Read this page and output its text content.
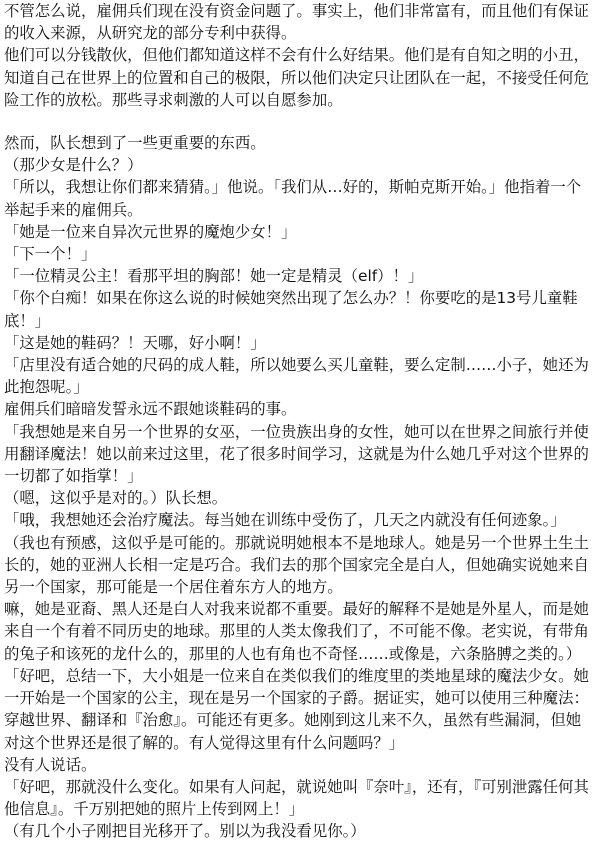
不管怎么说，雇佣兵们现在没有资金问题了。事实上，他们非常富有，而且他们有保证的收入来源，从研究龙的部分专利中获得。

他们可以分钱散伙，但他们都知道这样不会有什么好结果。他们是有自知之明的小丑，知道自己在世界上的位置和自己的极限，所以他们决定只让团队在一起，不接受任何危险工作的放松。那些寻求刺激的人可以自愿参加。

然而，队长想到了一些更重要的东西。

（那少女是什么？）

「所以，我想让你们都来猜猜。」他说。「我们从…好的，斯帕克斯开始。」他指着一个举起手来的雇佣兵。

「她是一位来自异次元世界的魔炮少女！」

「下一个！」

「一位精灵公主！看那平坦的胸部！她一定是精灵（elf）！」

「你个白痴！如果在你这么说的时候她突然出现了怎么办？！你要吃的是13号儿童鞋底！」

「这是她的鞋码？！天哪，好小啊！」

「店里没有适合她的尺码的成人鞋，所以她要么买儿童鞋，要么定制……小子，她还为此抱怨呢。」

雇佣兵们暗暗发誓永远不跟她谈鞋码的事。

「我想她是来自另一个世界的女巫，一位贵族出身的女性，她可以在世界之间旅行并使用翻译魔法！她以前来过这里，花了很多时间学习，这就是为什么她几乎对这个世界的一切都了如指掌！」

（嗯，这似乎是对的。）队长想。

「哦，我想她还会治疗魔法。每当她在训练中受伤了，几天之内就没有任何迹象。」

（我也有预感，这似乎是可能的。那就说明她根本不是地球人。她是另一个世界土生土长的，她的亚洲人长相一定是巧合。我们去的那个国家完全是白人，但她确实说她来自另一个国家，那可能是一个居住着东方人的地方。

嘛，她是亚裔、黑人还是白人对我来说都不重要。最好的解释不是她是外星人，而是她来自一个有着不同历史的地球。那里的人类太像我们了，不可能不像。老实说，有带角的兔子和该死的龙什么的，那里的人也有角也不奇怪……或像是，六条胳膊之类的。）

「好吧，总结一下，大小姐是一位来自在类似我们的维度里的类地星球的魔法少女。她一开始是一个国家的公主，现在是另一个国家的子爵。据证实，她可以使用三种魔法：穿越世界、翻译和『治愈』。可能还有更多。她刚到这儿来不久，虽然有些漏洞，但她对这个世界还是很了解的。有人觉得这里有什么问题吗？」

没有人说话。

「好吧，那就没什么变化。如果有人问起，就说她叫『奈叶』，还有，『可别泄露任何其他信息』。千万别把她的照片上传到网上！」

（有几个小子刚把目光移开了。别以为我没看见你。）
